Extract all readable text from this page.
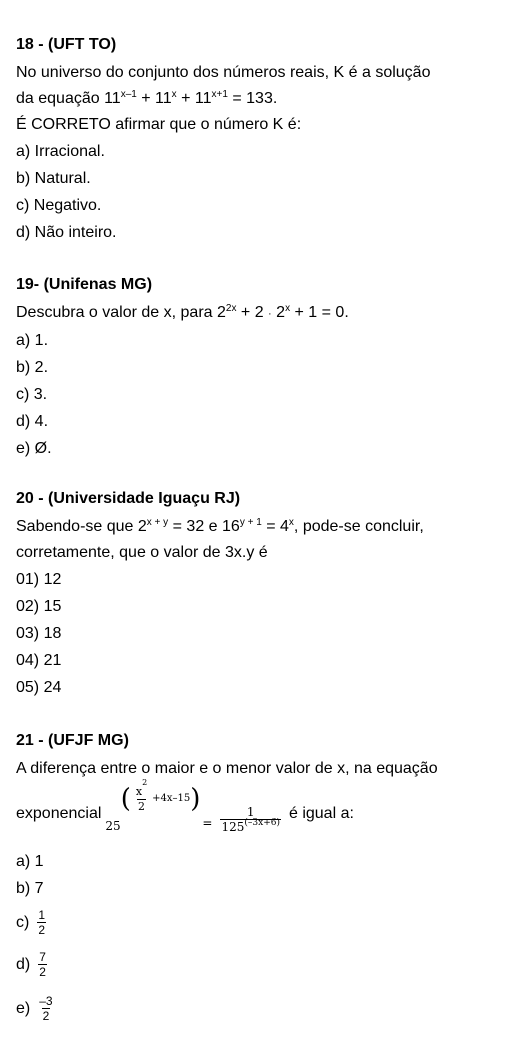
18 - (UFT TO)

No universo do conjunto dos números reais, K é a solução

da equação $11^{x-1} + 11^x + 11^{x+1} = 133$.

É CORRETO afirmar que o número K é:

a) Irracional.

b) Natural.

c) Negativo.

d) Não inteiro.

19- (Unifenas MG)

Descubra o valor de x, para $2^{2x} + 2 \cdot 2^x + 1 = 0$.

a) 1.

b) 2.

c) 3.

d) 4.

e) Ø.

20 - (Universidade Iguaçu RJ)

Sabendo-se que $2^{x + y} = 32$ e $16^{y + 1} = 4^x$, pode-se concluir,

corretamente, que o valor de 3x.y é

01) 12

02) 15

03) 18

04) 21

05) 24

21 - (UFJF MG)

A diferença entre o maior e o menor valor de x, na equação

exponencial
25
( $\frac{x^2}{2} +4x-15$ )
= $\frac{1}{125^{(-3x+6)}}$ é igual a:

a) 1

b) 7

$c) \frac{1}{2}$
$d) \frac{7}{2}$
$e) \frac{-3}{2}$
